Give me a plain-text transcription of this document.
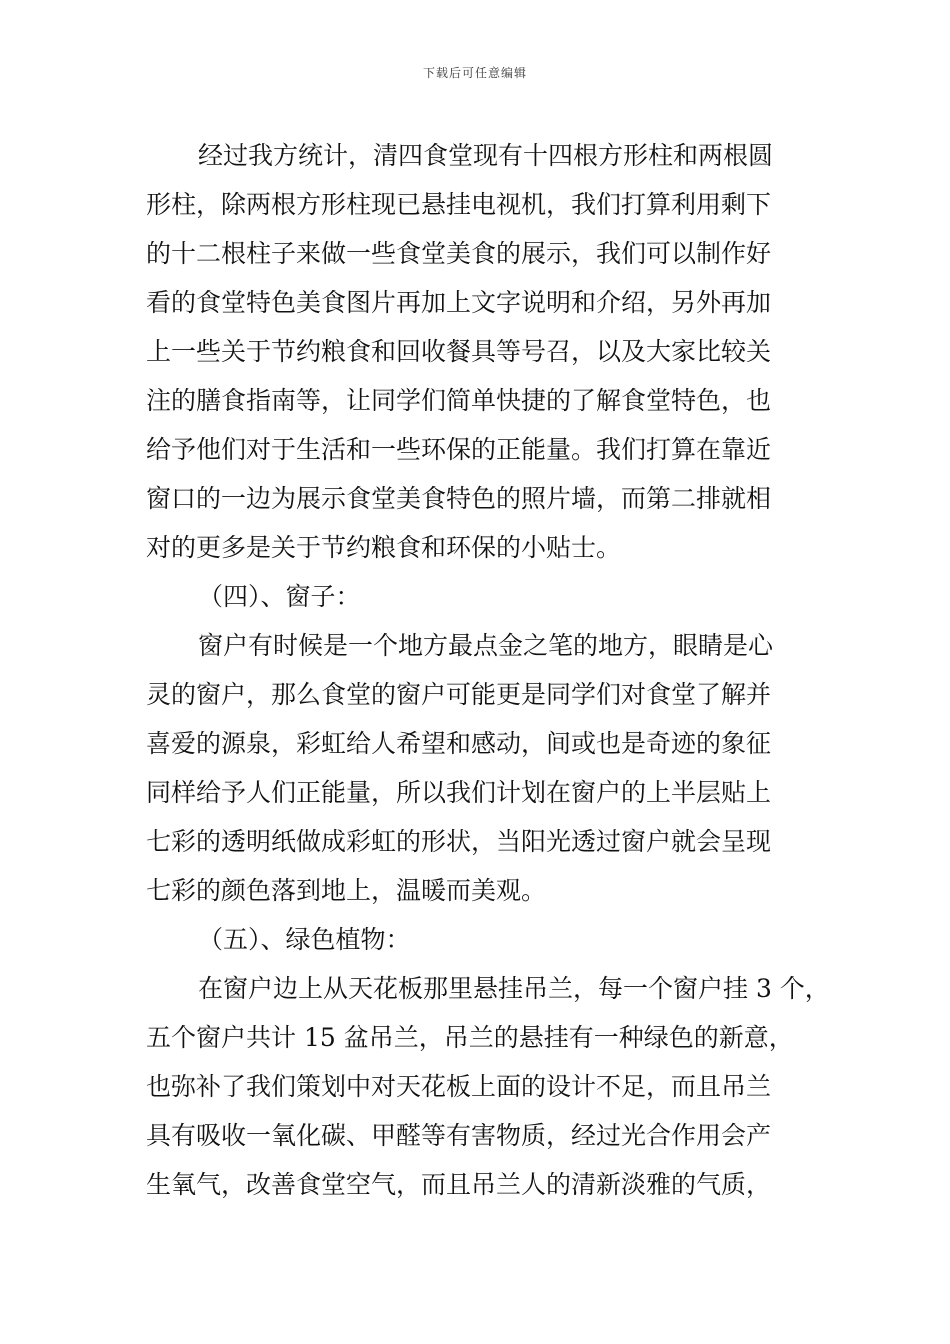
下载后可任意编辑
经过我方统计，清四食堂现有十四根方形柱和两根圆
形柱，除两根方形柱现已悬挂电视机，我们打算利用剩下
的十二根柱子来做一些食堂美食的展示，我们可以制作好
看的食堂特色美食图片再加上文字说明和介绍，另外再加
上一些关于节约粮食和回收餐具等号召，以及大家比较关
注的膳食指南等，让同学们简单快捷的了解食堂特色，也
给予他们对于生活和一些环保的正能量。我们打算在靠近
窗口的一边为展示食堂美食特色的照片墙，而第二排就相
对的更多是关于节约粮食和环保的小贴士。
（四）、窗子：
窗户有时候是一个地方最点金之笔的地方，眼睛是心
灵的窗户，那么食堂的窗户可能更是同学们对食堂了解并
喜爱的源泉，彩虹给人希望和感动，间或也是奇迹的象征
同样给予人们正能量，所以我们计划在窗户的上半层贴上
七彩的透明纸做成彩虹的形状，当阳光透过窗户就会呈现
七彩的颜色落到地上，温暖而美观。
（五）、绿色植物：
在窗户边上从天花板那里悬挂吊兰，每一个窗户挂 3 个，
五个窗户共计 15 盆吊兰，吊兰的悬挂有一种绿色的新意，
也弥补了我们策划中对天花板上面的设计不足，而且吊兰
具有吸收一氧化碳、甲醛等有害物质，经过光合作用会产
生氧气，改善食堂空气，而且吊兰人的清新淡雅的气质，
